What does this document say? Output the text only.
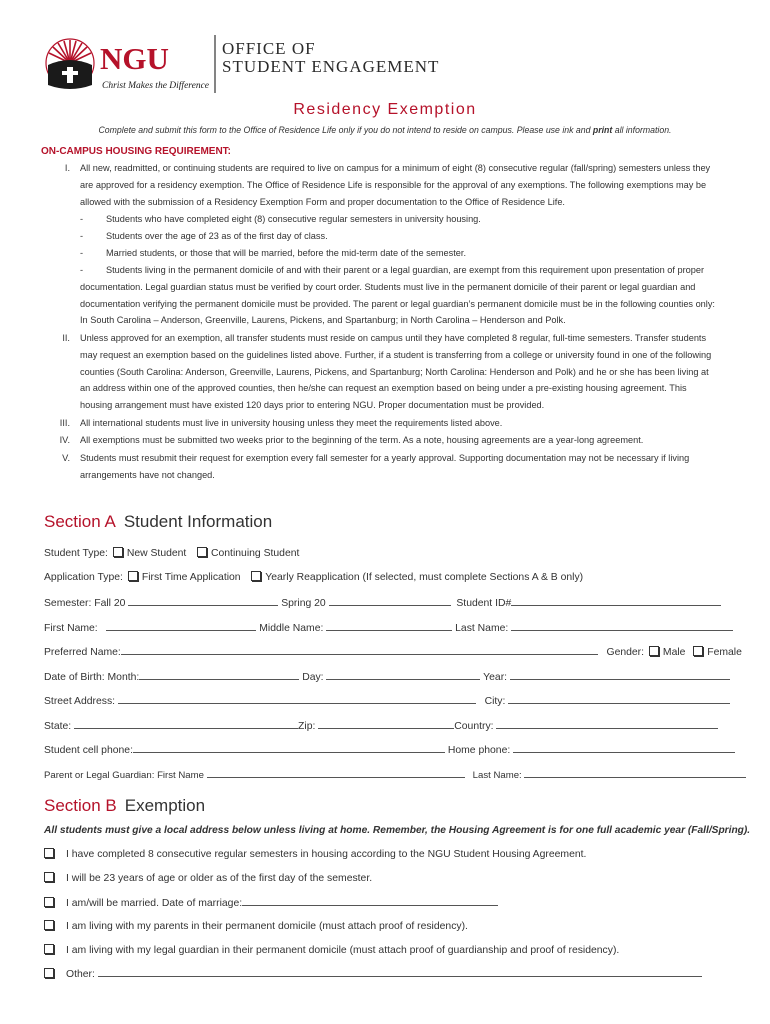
NGU
Christ Makes the Difference
OFFICE OF
STUDENT ENGAGEMENT
Residency Exemption
Complete and submit this form to the Office of Residence Life only if you do not intend to reside on campus. Please use ink and print all information.
ON-CAMPUS HOUSING REQUIREMENT:
I. All new, readmitted, or continuing students are required to live on campus for a minimum of eight (8) consecutive regular (fall/spring) semesters unless they are approved for a residency exemption. The Office of Residence Life is responsible for the approval of any exemptions. The following exemptions may be allowed with the submission of a Residency Exemption Form and proper documentation to the Office of Residence Life.
- Students who have completed eight (8) consecutive regular semesters in university housing.
- Students over the age of 23 as of the first day of class.
- Married students, or those that will be married, before the mid-term date of the semester.
- Students living in the permanent domicile of and with their parent or a legal guardian, are exempt from this requirement upon presentation of proper documentation. Legal guardian status must be verified by court order. Students must live in the permanent domicile of their parent or legal guardian and documentation verifying the permanent domicile must be provided. The parent or legal guardian’s permanent domicile must be in the following counties only: In South Carolina – Anderson, Greenville, Laurens, Pickens, and Spartanburg; in North Carolina – Henderson and Polk.
II. Unless approved for an exemption, all transfer students must reside on campus until they have completed 8 regular, full-time semesters. Transfer students may request an exemption based on the guidelines listed above. Further, if a student is transferring from a college or university found in one of the following counties (South Carolina: Anderson, Greenville, Laurens, Pickens, and Spartanburg; North Carolina: Henderson and Polk) and he or she has been living at an address within one of the approved counties, then he/she can request an exemption based on being under a pre-existing housing agreement. This housing arrangement must have existed 120 days prior to entering NGU. Proper documentation must be provided.
III. All international students must live in university housing unless they meet the requirements listed above.
IV. All exemptions must be submitted two weeks prior to the beginning of the term. As a note, housing agreements are a year-long agreement.
V. Students must resubmit their request for exemption every fall semester for a yearly approval. Supporting documentation may not be necessary if living arrangements have not changed.
Section A Student Information
Student Type: New Student Continuing Student
Application Type: First Time Application Yearly Reapplication (If selected, must complete Sections A & B only)
Semester: Fall 20	Spring 20	Student ID#
First Name:	Middle Name:	Last Name:
Preferred Name:	Gender: Male Female
Date of Birth: Month:	Day:	Year:
Street Address:	City:
State:	Zip:	Country:
Student cell phone:	Home phone:
Parent or Legal Guardian: First Name	Last Name:
Section B Exemption
All students must give a local address below unless living at home. Remember, the Housing Agreement is for one full academic year (Fall/Spring).
I have completed 8 consecutive regular semesters in housing according to the NGU Student Housing Agreement.
I will be 23 years of age or older as of the first day of the semester.
I am/will be married. Date of marriage:
I am living with my parents in their permanent domicile (must attach proof of residency).
I am living with my legal guardian in their permanent domicile (must attach proof of guardianship and proof of residency).
Other:
